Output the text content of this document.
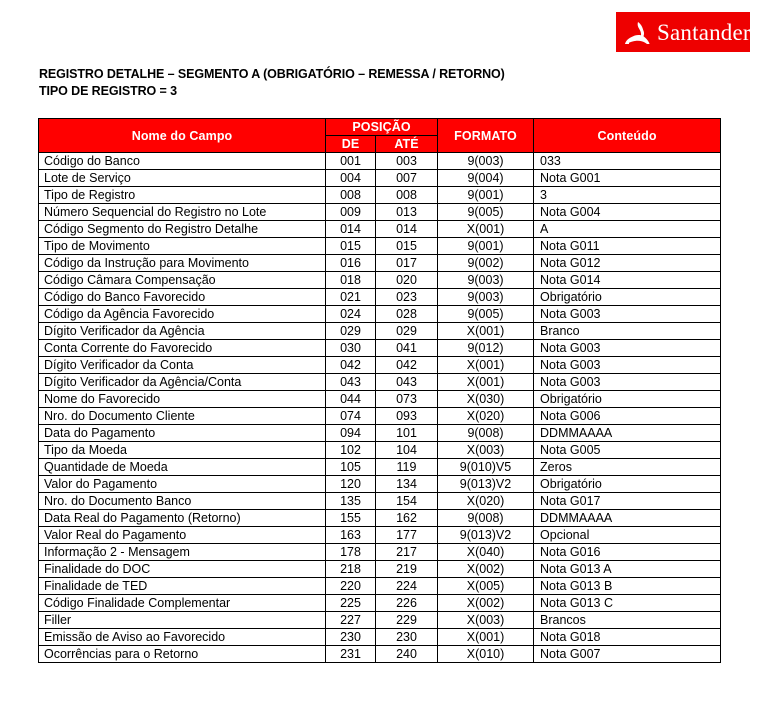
Santander
REGISTRO DETALHE – SEGMENTO A (OBRIGATÓRIO – REMESSA / RETORNO)
TIPO DE REGISTRO = 3
Nome do Campo	POSIÇÃO		FORMATO	Conteúdo
	DE	ATÉ		
Código do Banco	001	003	9(003)	033
Lote de Serviço	004	007	9(004)	Nota G001
Tipo de Registro	008	008	9(001)	3
Número Sequencial do Registro no Lote	009	013	9(005)	Nota G004
Código Segmento do Registro Detalhe	014	014	X(001)	A
Tipo de Movimento	015	015	9(001)	Nota G011
Código da Instrução para Movimento	016	017	9(002)	Nota G012
Código Câmara Compensação	018	020	9(003)	Nota G014
Código do Banco Favorecido	021	023	9(003)	Obrigatório
Código da Agência Favorecido	024	028	9(005)	Nota G003
Dígito Verificador da Agência	029	029	X(001)	Branco
Conta Corrente do Favorecido	030	041	9(012)	Nota G003
Dígito Verificador da Conta	042	042	X(001)	Nota G003
Dígito Verificador da Agência/Conta	043	043	X(001)	Nota G003
Nome do Favorecido	044	073	X(030)	Obrigatório
Nro. do Documento Cliente	074	093	X(020)	Nota G006
Data do Pagamento	094	101	9(008)	DDMMAAAA
Tipo da Moeda	102	104	X(003)	Nota G005
Quantidade de Moeda	105	119	9(010)V5	Zeros
Valor do Pagamento	120	134	9(013)V2	Obrigatório
Nro. do Documento Banco	135	154	X(020)	Nota G017
Data Real do Pagamento (Retorno)	155	162	9(008)	DDMMAAAA
Valor Real do Pagamento	163	177	9(013)V2	Opcional
Informação 2 - Mensagem	178	217	X(040)	Nota G016
Finalidade do DOC	218	219	X(002)	Nota G013 A
Finalidade de TED	220	224	X(005)	Nota G013 B
Código Finalidade Complementar	225	226	X(002)	Nota G013 C
Filler	227	229	X(003)	Brancos
Emissão de Aviso ao Favorecido	230	230	X(001)	Nota G018
Ocorrências para o Retorno	231	240	X(010)	Nota G007
